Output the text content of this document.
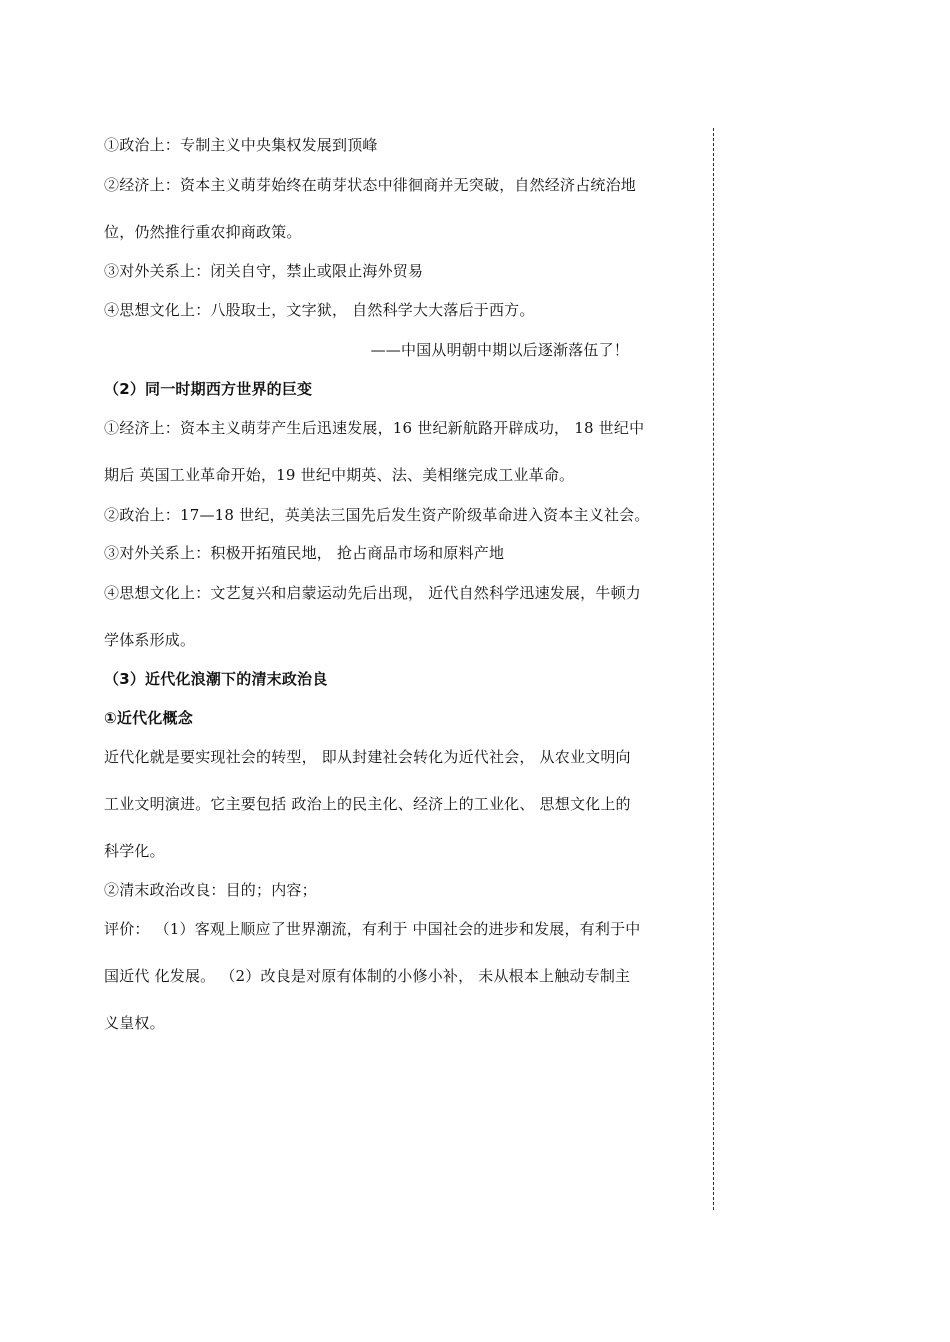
①政治上：专制主义中央集权发展到顶峰
②经济上：资本主义萌芽始终在萌芽状态中徘徊商并无突破，自然经济占统治地
位，仍然推行重农抑商政策。
③对外关系上：闭关自守，禁止或限止海外贸易
④思想文化上：八股取士，文字狱， 自然科学大大落后于西方。
——中国从明朝中期以后逐渐落伍了！
（2）同一时期西方世界的巨变
①经济上：资本主义萌芽产生后迅速发展，16 世纪新航路开辟成功， 18 世纪中
期后 英国工业革命开始，19 世纪中期英、法、美相继完成工业革命。
②政治上：17—18 世纪，英美法三国先后发生资产阶级革命进入资本主义社会。
③对外关系上：积极开拓殖民地， 抢占商品市场和原料产地
④思想文化上：文艺复兴和启蒙运动先后出现， 近代自然科学迅速发展，牛顿力
学体系形成。
（3）近代化浪潮下的清末政治良
①近代化概念
近代化就是要实现社会的转型， 即从封建社会转化为近代社会， 从农业文明向
工业文明演进。它主要包括 政治上的民主化、经济上的工业化、 思想文化上的
科学化。
②清末政治改良：目的；内容；
评价： （1）客观上顺应了世界潮流，有利于 中国社会的进步和发展，有利于中
国近代 化发展。 （2）改良是对原有体制的小修小补， 未从根本上触动专制主
义皇权。
